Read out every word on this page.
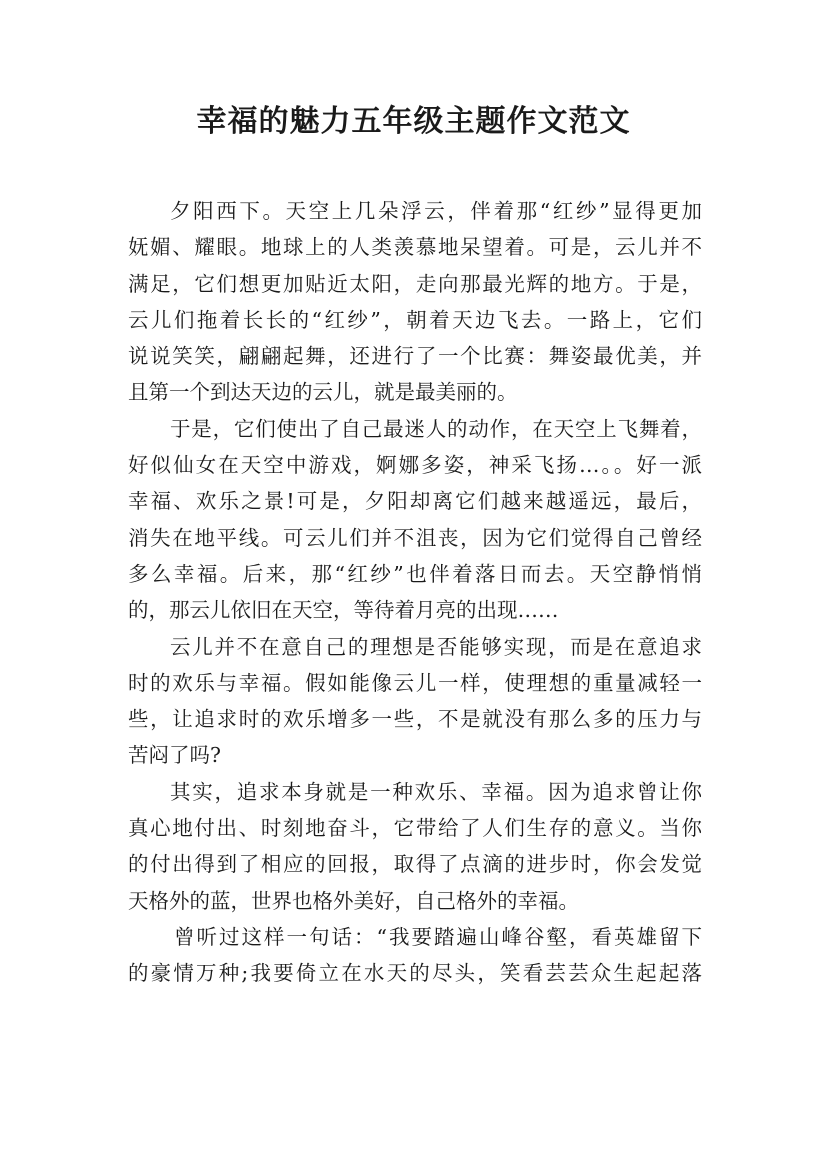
幸福的魅力五年级主题作文范文
夕阳西下。天空上几朵浮云，伴着那“红纱”显得更加
妩媚、耀眼。地球上的人类羡慕地呆望着。可是，云儿并不
满足，它们想更加贴近太阳，走向那最光辉的地方。于是，
云儿们拖着长长的“红纱”，朝着天边飞去。一路上，它们
说说笑笑，翩翩起舞，还进行了一个比赛：舞姿最优美，并
且第一个到达天边的云儿，就是最美丽的。
于是，它们使出了自己最迷人的动作，在天空上飞舞着，
好似仙女在天空中游戏，婀娜多姿，神采飞扬…。。好一派
幸福、欢乐之景!可是，夕阳却离它们越来越遥远，最后，
消失在地平线。可云儿们并不沮丧，因为它们觉得自己曾经
多么幸福。后来，那“红纱”也伴着落日而去。天空静悄悄
的，那云儿依旧在天空，等待着月亮的出现……
云儿并不在意自己的理想是否能够实现，而是在意追求
时的欢乐与幸福。假如能像云儿一样，使理想的重量减轻一
些，让追求时的欢乐增多一些，不是就没有那么多的压力与
苦闷了吗?
其实，追求本身就是一种欢乐、幸福。因为追求曾让你
真心地付出、时刻地奋斗，它带给了人们生存的意义。当你
的付出得到了相应的回报，取得了点滴的进步时，你会发觉
天格外的蓝，世界也格外美好，自己格外的幸福。
曾听过这样一句话：“我要踏遍山峰谷壑，看英雄留下
的豪情万种;我要倚立在水天的尽头，笑看芸芸众生起起落
